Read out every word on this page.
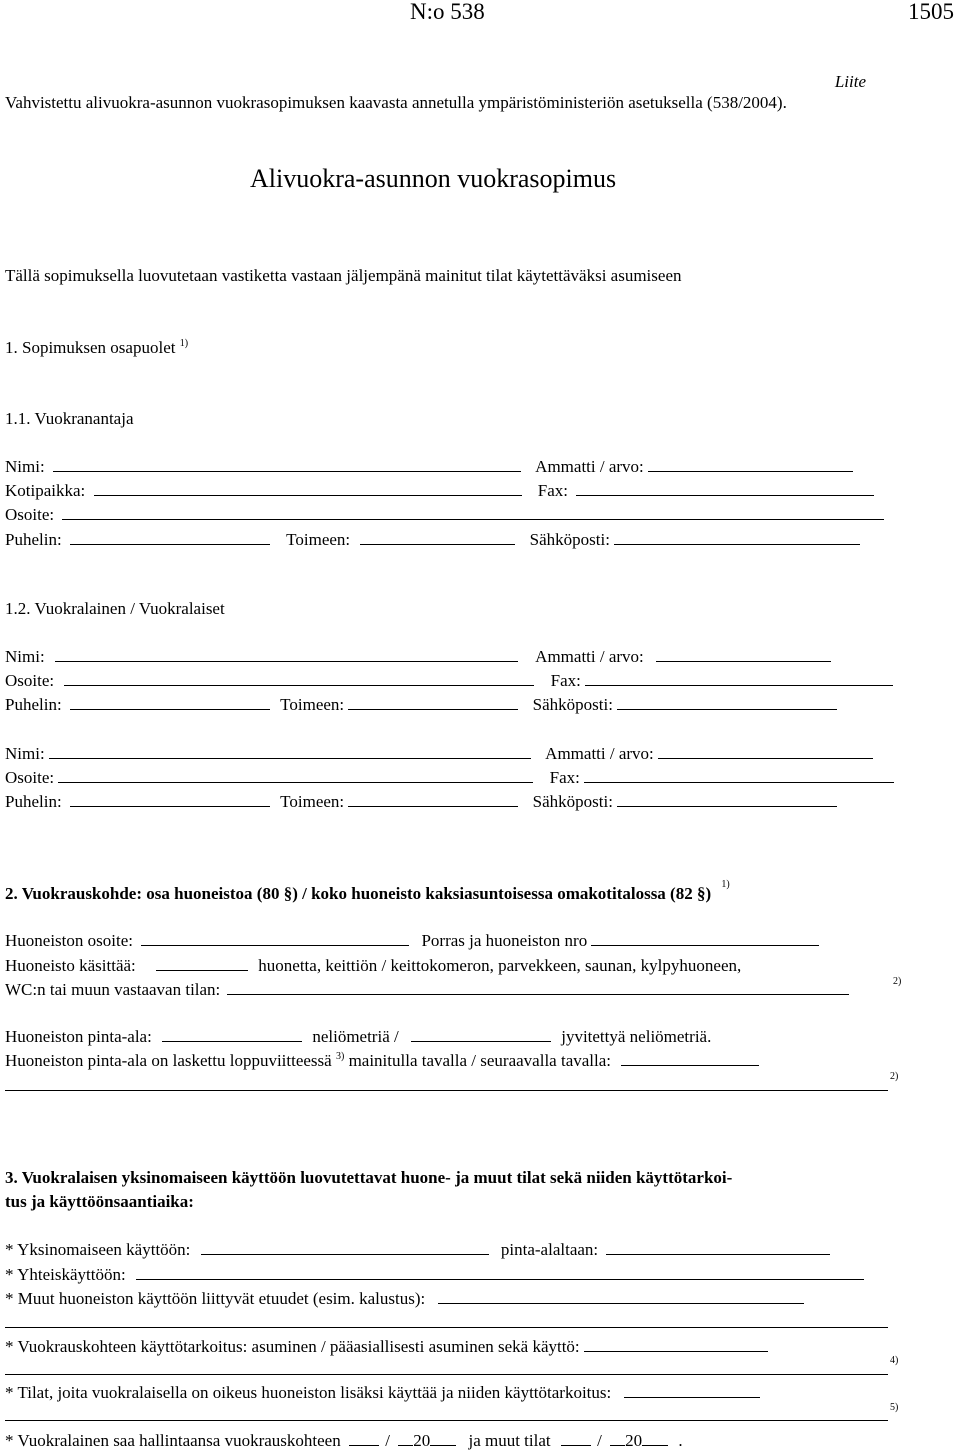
N:o 538	1505
Liite
Vahvistettu alivuokra-asunnon vuokrasopimuksen kaavasta annetulla ympäristöministeriön asetuksella (538/2004).
Alivuokra-asunnon vuokrasopimus
Tällä sopimuksella luovutetaan vastiketta vastaan jäljempänä mainitut tilat käytettäväksi asumiseen
1. Sopimuksen osapuolet $^{1)}$
1.1. Vuokranantaja
Nimi:	Ammatti / arvo:
Kotipaikka:	Fax:
Osoite:
Puhelin:	Toimeen:	Sähköposti:
1.2. Vuokralainen / Vuokralaiset
Nimi:	Ammatti / arvo:
Osoite:	Fax:
Puhelin:	Toimeen:	Sähköposti:
Nimi:	Ammatti / arvo:
Osoite:	Fax:
Puhelin:	Toimeen:	Sähköposti:
2. Vuokrauskohde: osa huoneistoa (80 §) / koko huoneisto kaksiasuntoisessa omakotitalossa (82 §) $^{1)}$
Huoneiston osoite:	Porras ja huoneiston nro
Huoneisto käsittää:	huonetta, keittiön / keittokomeron, parvekkeen, saunan, kylpyhuoneen,
WC:n tai muun vastaavan tilan:	2)
Huoneiston pinta-ala:	neliömetriä /	jyvitettyä neliömetriä.
Huoneiston pinta-ala on laskettu loppuviitteessä $^{3)}$ mainitulla tavalla / seuraavalla tavalla:
2)
3. Vuokralaisen yksinomaiseen käyttöön luovutettavat huone- ja muut tilat sekä niiden käyttötarkoi-
tus ja käyttöönsaantiaika:
* Yksinomaiseen käyttöön:	pinta-alaltaan:
* Yhteiskäyttöön:
* Muut huoneiston käyttöön liittyvät etuudet (esim. kalustus):
* Vuokrauskohteen käyttötarkoitus: asuminen / pääasiallisesti asuminen sekä käyttö:
4)
* Tilat, joita vuokralaisella on oikeus huoneiston lisäksi käyttää ja niiden käyttötarkoitus:
5)
* Vuokralainen saa hallintaansa vuokrauskohteen	/ 20 ja muut tilat	/ 20 .
